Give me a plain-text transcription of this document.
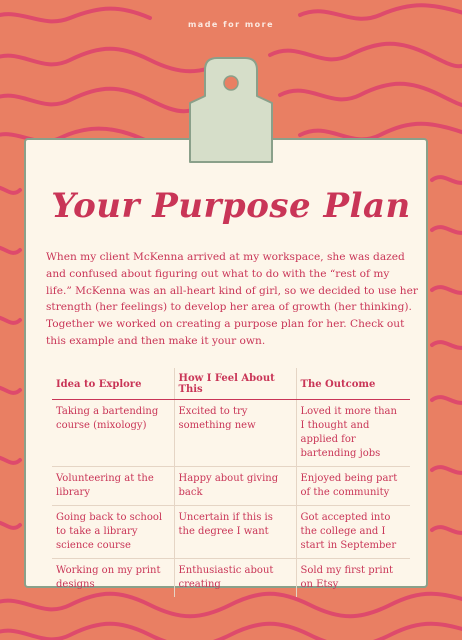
made for more
Your Purpose Plan

When my client McKenna arrived at my workspace, she was dazed and confused about figuring out what to do with the “rest of my life.” McKenna was an all-heart kind of girl, so we decided to use her strength (her feelings) to develop her area of growth (her thinking). Together we worked on creating a purpose plan for her. Check out this example and then make it your own.

Idea to Explore	How I Feel About This	The Outcome
Taking a bartending course (mixology)	Excited to try something new	Loved it more than I thought and applied for bartending jobs
Volunteering at the library	Happy about giving back	Enjoyed being part of the community
Going back to school to take a library science course	Uncertain if this is the degree I want	Got accepted into the college and I start in September
Working on my print designs	Enthusiastic about creating	Sold my first print on Etsy
